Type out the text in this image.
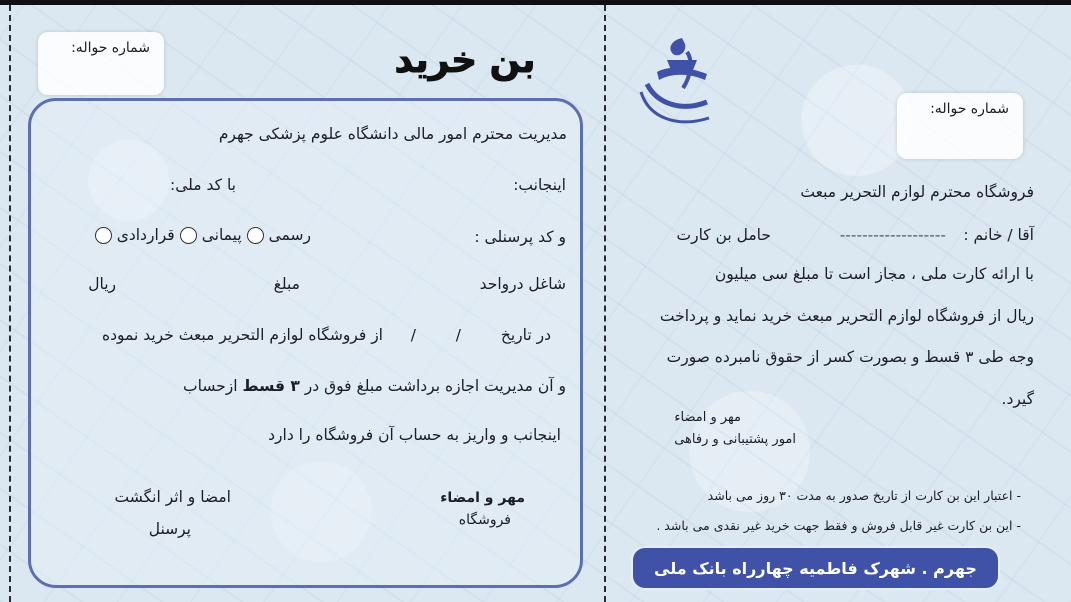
شماره حواله:	بن خرید
مدیریت محترم امور مالی دانشگاه علوم پزشکی جهرم
اینجانب:
با کد ملی:
و کد پرسنلی :
رسمی
پیمانی
قراردادی
شاغل درواحد
مبلغ
ریال
در تاریخ
/
/
از فروشگاه لوازم التحریر مبعث خرید نموده
و آن مدیریت اجازه برداشت مبلغ فوق در ۳ قسط ازحساب
اینجانب و واریز به حساب آن فروشگاه را دارد
مهر و امضاء
فروشگاه
امضا و اثر انگشت
پرسنل
شماره حواله:
فروشگاه محترم لوازم التحریر مبعث
آقا / خانم :
-------------------
حامل بن کارت
با ارائه کارت ملی ، مجاز است تا مبلغ سی میلیون
ریال از فروشگاه لوازم التحریر مبعث خرید نماید و پرداخت
وجه طی ۳ قسط و بصورت کسر از حقوق نامبرده صورت
گیرد.
مهر و امضاء
امور پشتیبانی و رفاهی
- اعتبار این بن کارت از تاریخ صدور به مدت ۳۰ روز می باشد
- این بن کارت غیر قابل فروش و فقط جهت خرید غیر نقدی می باشد .
جهرم . شهرک فاطمیه چهارراه بانک ملی
